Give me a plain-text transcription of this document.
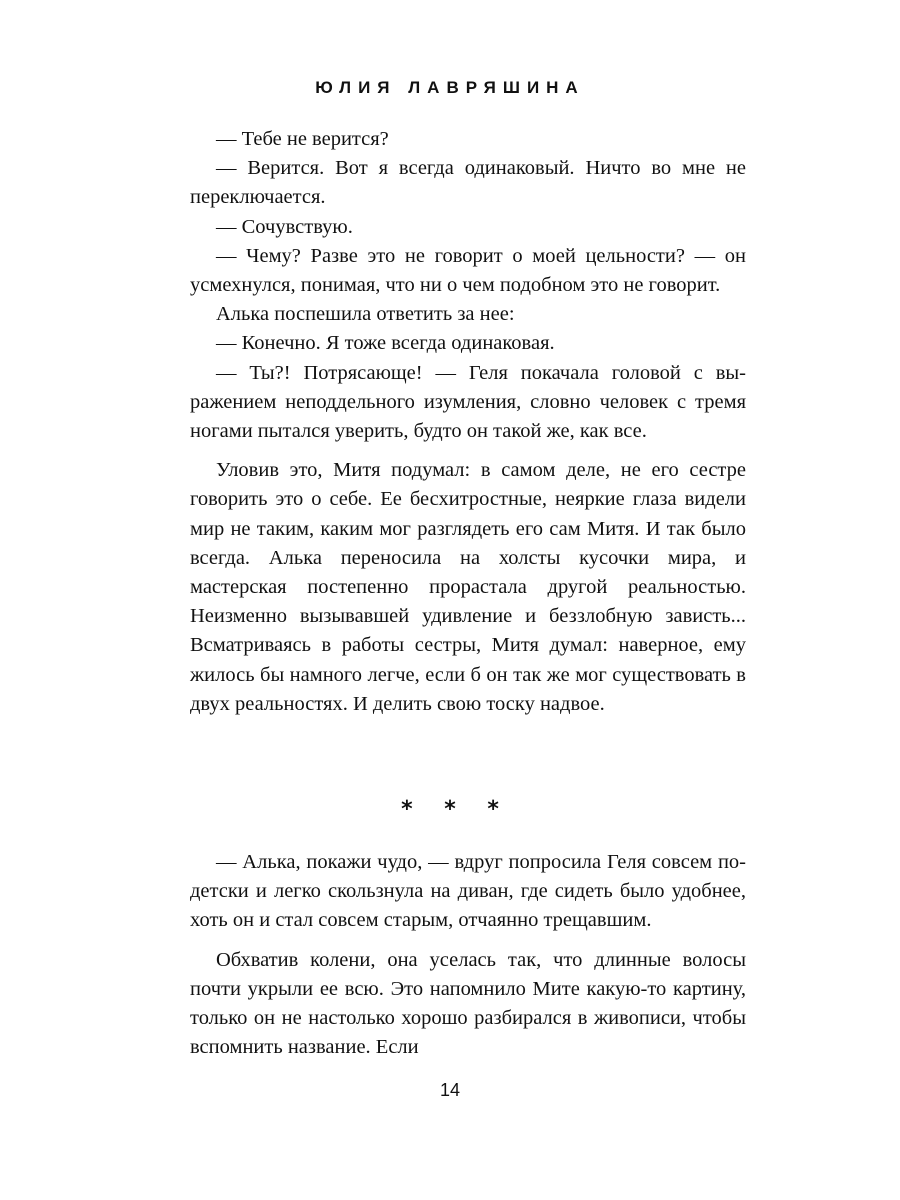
ЮЛИЯ ЛАВРЯШИНА

— Тебе не верится?

— Верится. Вот я всегда одинаковый. Ничто во мне не переключается.

— Сочувствую.

— Чему? Разве это не говорит о моей цельности? — он усмехнулся, понимая, что ни о чем подобном это не говорит.

Алька поспешила ответить за нее:

— Конечно. Я тоже всегда одинаковая.

— Ты?! Потрясающе! — Геля покачала головой с выражением неподдельного изумления, словно человек с тремя ногами пытался уверить, будто он такой же, как все.

Уловив это, Митя подумал: в самом деле, не его сестре говорить это о себе. Ее бесхитростные, неяркие глаза видели мир не таким, каким мог разглядеть его сам Митя. И так было всегда. Алька переносила на холсты кусочки мира, и мастерская постепенно прорастала другой реальностью. Неизменно вызывавшей удивление и беззлобную зависть... Всматриваясь в работы сестры, Митя думал: наверное, ему жилось бы намного легче, если б он так же мог существовать в двух реальностях. И делить свою тоску надвое.

* * *

— Алька, покажи чудо, — вдруг попросила Геля совсем по-детски и легко скользнула на диван, где сидеть было удобнее, хоть он и стал совсем старым, отчаянно трещавшим.

Обхватив колени, она уселась так, что длинные волосы почти укрыли ее всю. Это напомнило Мите какую-то картину, только он не настолько хорошо разбирался в живописи, чтобы вспомнить название. Если

14
